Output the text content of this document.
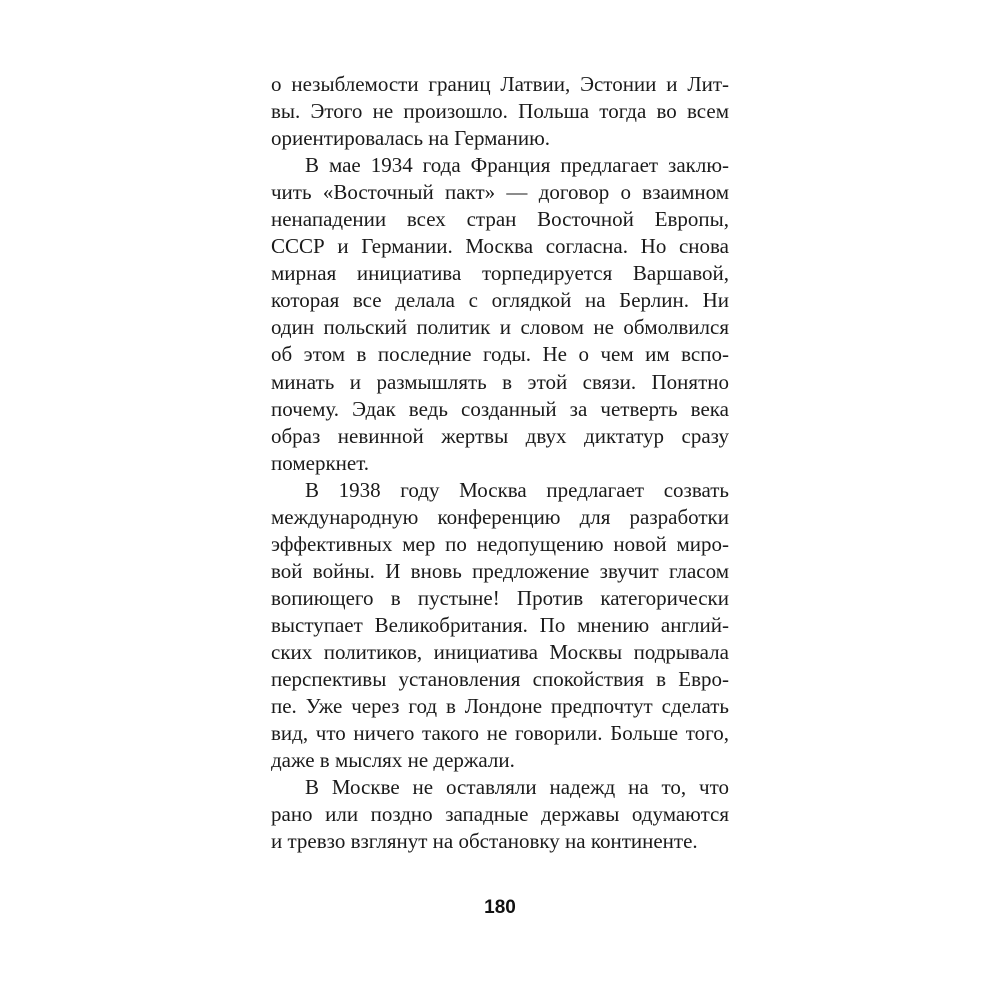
о незыблемости границ Латвии, Эстонии и Лит-
вы. Этого не произошло. Польша тогда во всем
ориентировалась на Германию.
В мае 1934 года Франция предлагает заклю-
чить «Восточный пакт» — договор о взаимном
ненападении всех стран Восточной Европы,
СССР и Германии. Москва согласна. Но снова
мирная инициатива торпедируется Варшавой,
которая все делала с оглядкой на Берлин. Ни
один польский политик и словом не обмолвился
об этом в последние годы. Не о чем им вспо-
минать и размышлять в этой связи. Понятно
почему. Эдак ведь созданный за четверть века
образ невинной жертвы двух диктатур сразу
померкнет.
В 1938 году Москва предлагает созвать
международную конференцию для разработки
эффективных мер по недопущению новой миро-
вой войны. И вновь предложение звучит гласом
вопиющего в пустыне! Против категорически
выступает Великобритания. По мнению англий-
ских политиков, инициатива Москвы подрывала
перспективы установления спокойствия в Евро-
пе. Уже через год в Лондоне предпочтут сделать
вид, что ничего такого не говорили. Больше того,
даже в мыслях не держали.
В Москве не оставляли надежд на то, что
рано или поздно западные державы одумаются
и тревзо взглянут на обстановку на континенте.
180
